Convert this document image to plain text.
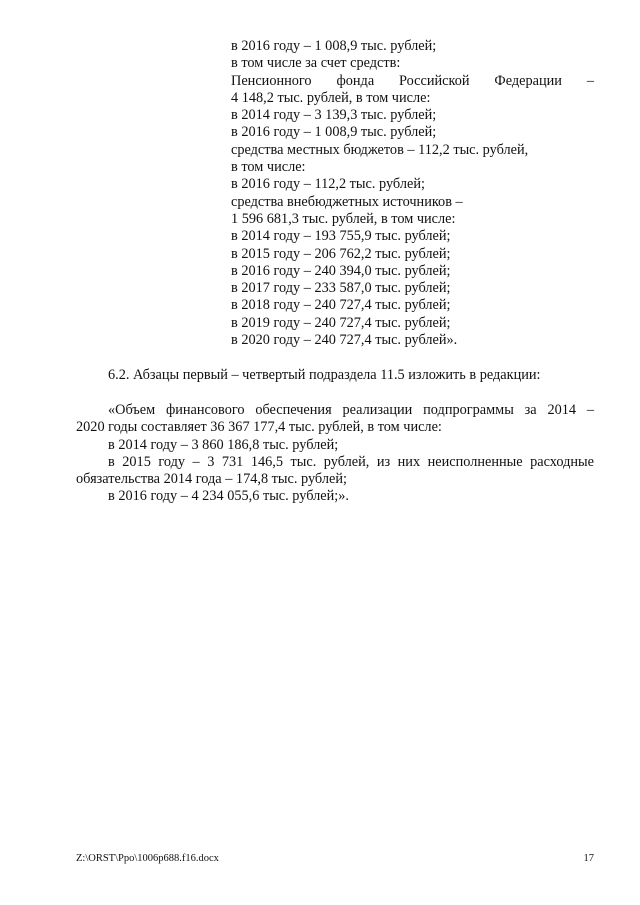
в 2016 году – 1 008,9 тыс. рублей;
в том числе за счет средств:
Пенсионного фонда Российской Федерации –
4 148,2 тыс. рублей, в том числе:
в 2014 году – 3 139,3 тыс. рублей;
в 2016 году – 1 008,9 тыс. рублей;
средства местных бюджетов – 112,2 тыс. рублей,
в том числе:
в 2016 году – 112,2 тыс. рублей;
средства внебюджетных источников –
1 596 681,3 тыс. рублей, в том числе:
в 2014 году – 193 755,9 тыс. рублей;
в 2015 году – 206 762,2 тыс. рублей;
в 2016 году – 240 394,0 тыс. рублей;
в 2017 году – 233 587,0 тыс. рублей;
в 2018 году – 240 727,4 тыс. рублей;
в 2019 году – 240 727,4 тыс. рублей;
в 2020 году – 240 727,4 тыс. рублей».
6.2. Абзацы первый – четвертый подраздела 11.5 изложить в редакции:
«Объем финансового обеспечения реализации подпрограммы за 2014 –
2020 годы составляет 36 367 177,4 тыс. рублей, в том числе:
в 2014 году – 3 860 186,8 тыс. рублей;
в 2015 году – 3 731 146,5 тыс. рублей, из них неисполненные расходные
обязательства 2014 года – 174,8 тыс. рублей;
в 2016 году – 4 234 055,6 тыс. рублей;».
Z:\ORST\Ppo\1006p688.f16.docx	17
